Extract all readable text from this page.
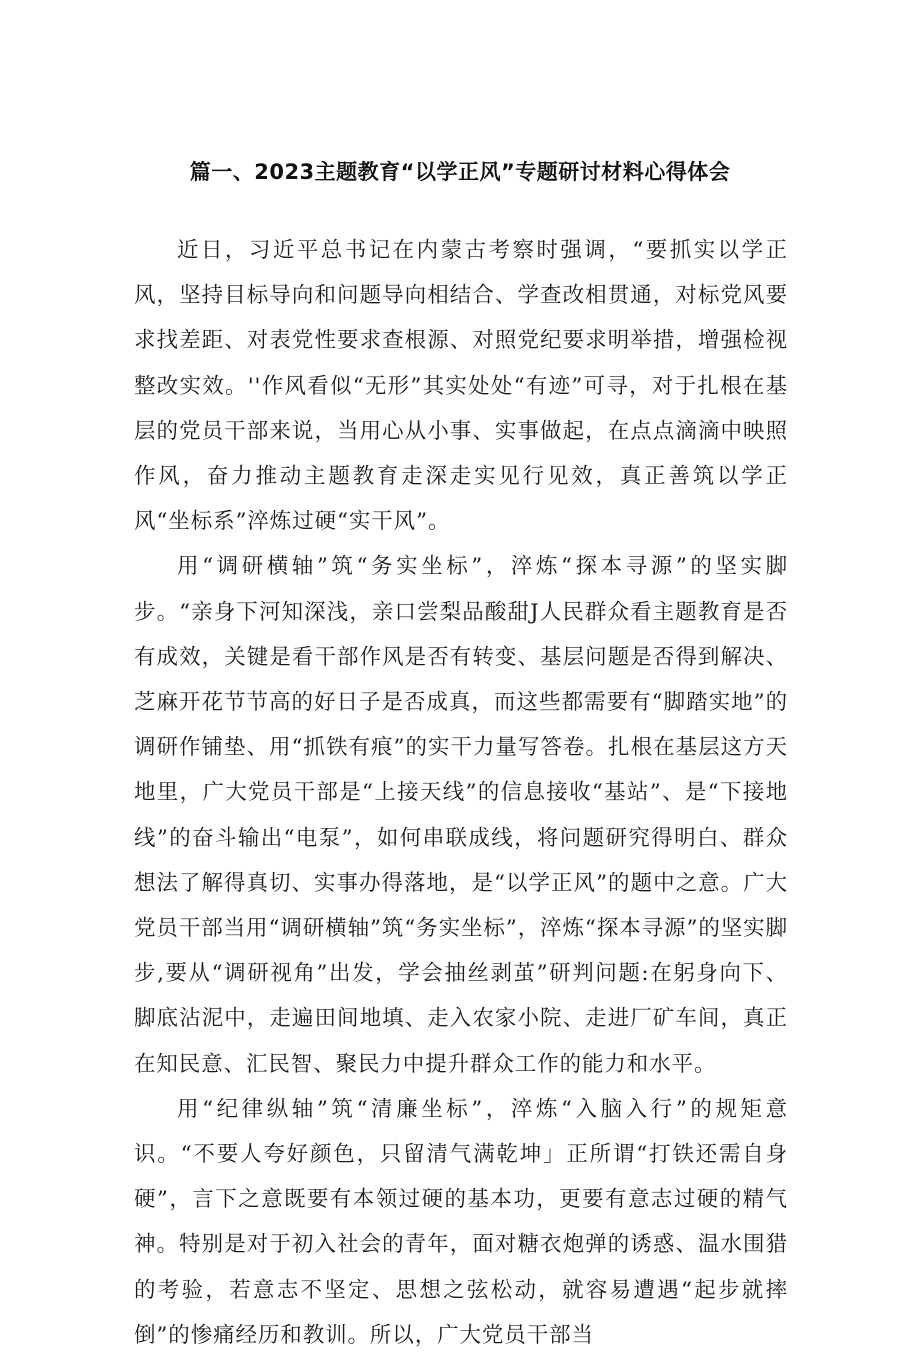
篇一、2023主题教育“以学正风”专题研讨材料心得体会

近日，习近平总书记在内蒙古考察时强调，“要抓实以学正风，坚持目标导向和问题导向相结合、学查改相贯通，对标党风要求找差距、对表党性要求查根源、对照党纪要求明举措，增强检视整改实效。''作风看似“无形”其实处处“有迹”可寻，对于扎根在基层的党员干部来说，当用心从小事、实事做起，在点点滴滴中映照作风，奋力推动主题教育走深走实见行见效，真正善筑以学正风“坐标系”淬炼过硬“实干风”。

用“调研横轴”筑“务实坐标”，淬炼“探本寻源”的坚实脚步。“亲身下河知深浅，亲口尝梨品酸甜J人民群众看主题教育是否有成效，关键是看干部作风是否有转变、基层问题是否得到解决、芝麻开花节节高的好日子是否成真，而这些都需要有“脚踏实地”的调研作铺垫、用“抓铁有痕”的实干力量写答卷。扎根在基层这方天地里，广大党员干部是“上接天线”的信息接收“基站”、是“下接地线”的奋斗输出“电泵”，如何串联成线，将问题研究得明白、群众想法了解得真切、实事办得落地，是“以学正风”的题中之意。广大党员干部当用“调研横轴”筑“务实坐标”，淬炼“探本寻源”的坚实脚步,要从“调研视角”出发，学会抽丝剥茧”研判问题:在躬身向下、脚底沾泥中，走遍田间地填、走入农家小院、走进厂矿车间，真正在知民意、汇民智、聚民力中提升群众工作的能力和水平。

用“纪律纵轴”筑“清廉坐标”，淬炼“入脑入行”的规矩意识。“不要人夸好颜色，只留清气满乾坤」正所谓“打铁还需自身硬”，言下之意既要有本领过硬的基本功，更要有意志过硬的精气神。特别是对于初入社会的青年，面对糖衣炮弹的诱惑、温水围猎的考验，若意志不坚定、思想之弦松动，就容易遭遇“起步就摔倒”的惨痛经历和教训。所以，广大党员干部当
